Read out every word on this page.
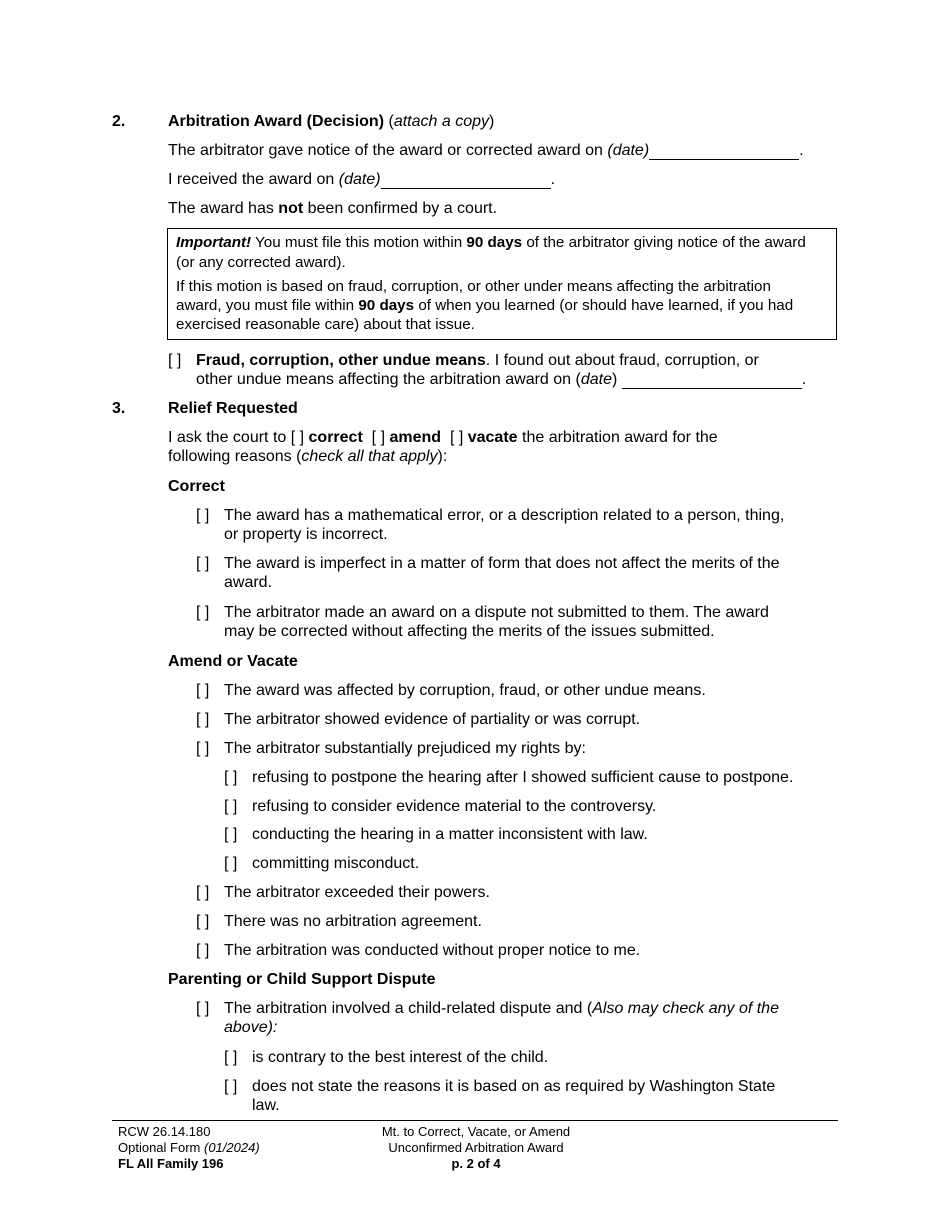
2.	Arbitration Award (Decision) (attach a copy)
The arbitrator gave notice of the award or corrected award on (date)	.
I received the award on (date)	.
The award has not been confirmed by a court.
Important! You must file this motion within 90 days of the arbitrator giving notice of the award
(or any corrected award).
If this motion is based on fraud, corruption, or other under means affecting the arbitration
award, you must file within 90 days of when you learned (or should have learned, if you had
exercised reasonable care) about that issue.
[ ] Fraud, corruption, other undue means. I found out about fraud, corruption, or
other undue means affecting the arbitration award on (date)	.
3.	Relief Requested
I ask the court to [ ] correct [ ] amend [ ] vacate the arbitration award for the
following reasons (check all that apply):
Correct
[ ] The award has a mathematical error, or a description related to a person, thing,
or property is incorrect.
[ ] The award is imperfect in a matter of form that does not affect the merits of the
award.
[ ] The arbitrator made an award on a dispute not submitted to them. The award
may be corrected without affecting the merits of the issues submitted.
Amend or Vacate
[ ] The award was affected by corruption, fraud, or other undue means.
[ ] The arbitrator showed evidence of partiality or was corrupt.
[ ] The arbitrator substantially prejudiced my rights by:
[ ] refusing to postpone the hearing after I showed sufficient cause to postpone.
[ ] refusing to consider evidence material to the controversy.
[ ] conducting the hearing in a matter inconsistent with law.
[ ] committing misconduct.
[ ] The arbitrator exceeded their powers.
[ ] There was no arbitration agreement.
[ ] The arbitration was conducted without proper notice to me.
Parenting or Child Support Dispute
[ ] The arbitration involved a child-related dispute and (Also may check any of the
above):
[ ] is contrary to the best interest of the child.
[ ] does not state the reasons it is based on as required by Washington State
law.
RCW 26.14.180
Optional Form (01/2024)
FL All Family 196
Mt. to Correct, Vacate, or Amend
Unconfirmed Arbitration Award
p. 2 of 4
